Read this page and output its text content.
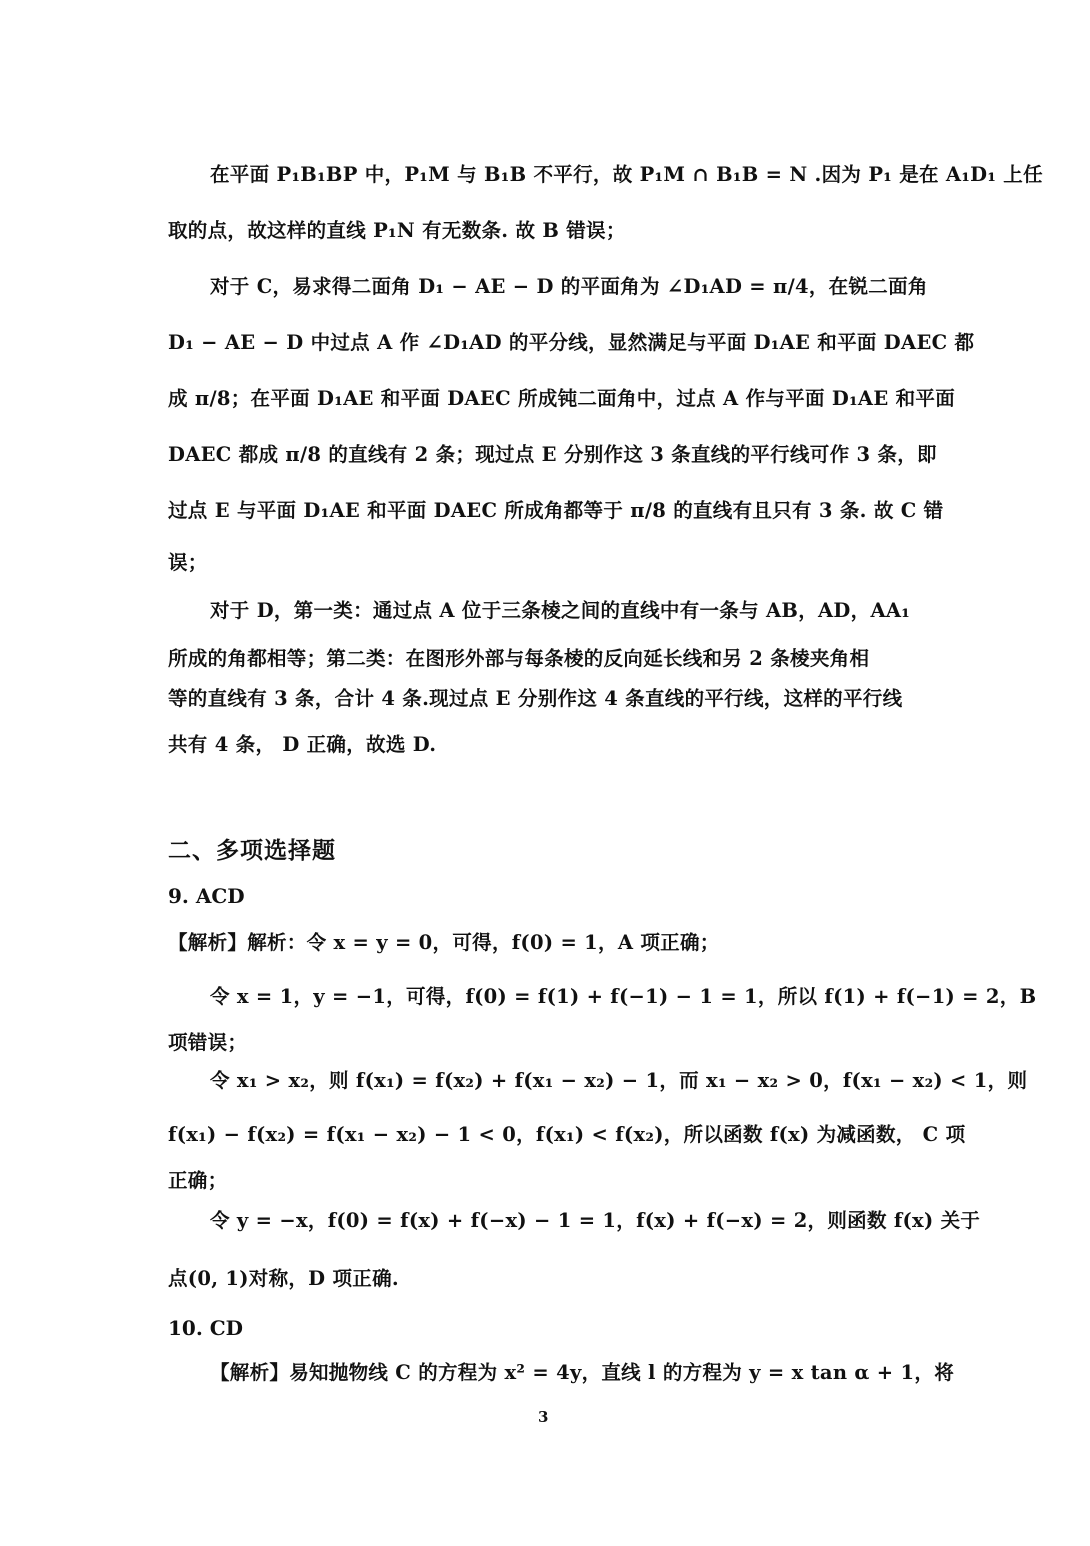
在平面 P₁B₁BP 中，P₁M 与 B₁B 不平行，故 P₁M ∩ B₁B = N .因为 P₁ 是在 A₁D₁ 上任
取的点，故这样的直线 P₁N 有无数条. 故 B 错误；
对于 C，易求得二面角 D₁ − AE − D 的平面角为 ∠D₁AD = π/4，在锐二面角
D₁ − AE − D 中过点 A 作 ∠D₁AD 的平分线，显然满足与平面 D₁AE 和平面 DAEC 都
成 π/8；在平面 D₁AE 和平面 DAEC 所成钝二面角中，过点 A 作与平面 D₁AE 和平面
DAEC 都成 π/8 的直线有 2 条；现过点 E 分别作这 3 条直线的平行线可作 3 条，即
过点 E 与平面 D₁AE 和平面 DAEC 所成角都等于 π/8 的直线有且只有 3 条. 故 C 错
误；
对于 D，第一类：通过点 A 位于三条棱之间的直线中有一条与 AB，AD，AA₁
所成的角都相等；第二类：在图形外部与每条棱的反向延长线和另 2 条棱夹角相
等的直线有 3 条，合计 4 条.现过点 E 分别作这 4 条直线的平行线，这样的平行线
共有 4 条， D 正确，故选 D.
二、多项选择题
9. ACD
【解析】解析：令 x = y = 0，可得，f(0) = 1，A 项正确；
令 x = 1，y = −1，可得，f(0) = f(1) + f(−1) − 1 = 1，所以 f(1) + f(−1) = 2，B
项错误；
令 x₁ > x₂，则 f(x₁) = f(x₂) + f(x₁ − x₂) − 1，而 x₁ − x₂ > 0，f(x₁ − x₂) < 1，则
f(x₁) − f(x₂) = f(x₁ − x₂) − 1 < 0，f(x₁) < f(x₂)，所以函数 f(x) 为减函数， C 项
正确；
令 y = −x，f(0) = f(x) + f(−x) − 1 = 1，f(x) + f(−x) = 2，则函数 f(x) 关于
点(0, 1)对称，D 项正确.
10. CD
【解析】易知抛物线 C 的方程为 x² = 4y，直线 l 的方程为 y = x tan α + 1，将
3
